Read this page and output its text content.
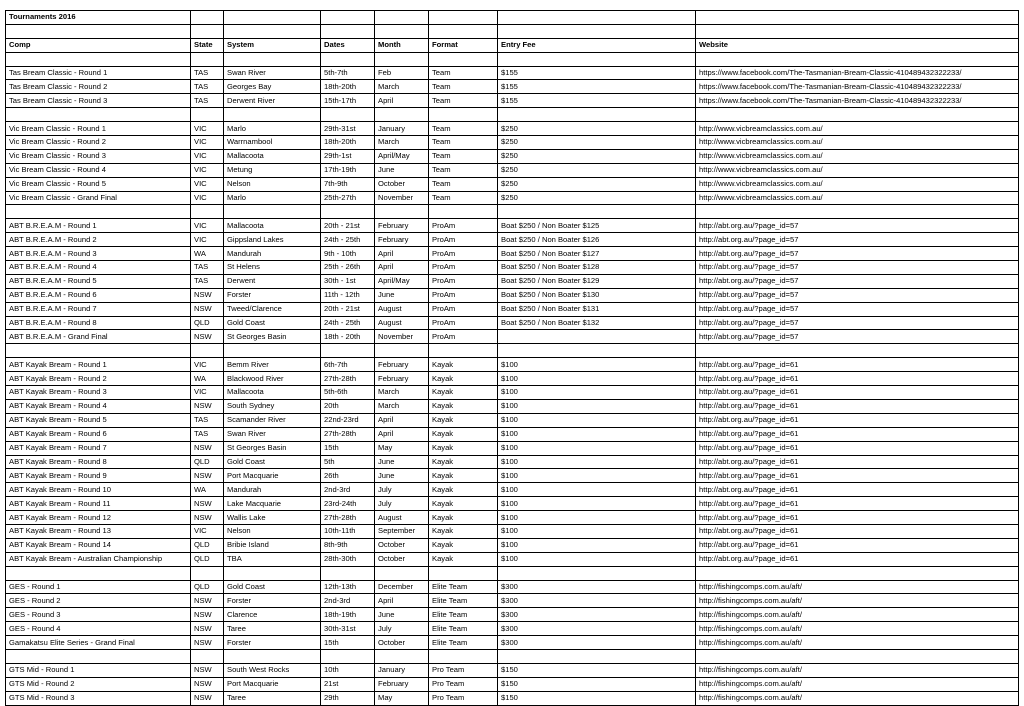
Tournaments 2016							

Comp	State	System	Dates	Month	Format	Entry Fee	Website

Tas Bream Classic - Round 1	TAS	Swan River	5th-7th	Feb	Team	$155	https://www.facebook.com/The-Tasmanian-Bream-Classic-410489432322233/
Tas Bream Classic - Round 2	TAS	Georges Bay	18th-20th	March	Team	$155	https://www.facebook.com/The-Tasmanian-Bream-Classic-410489432322233/
Tas Bream Classic - Round 3	TAS	Derwent River	15th-17th	April	Team	$155	https://www.facebook.com/The-Tasmanian-Bream-Classic-410489432322233/

Vic Bream Classic - Round 1	VIC	Marlo	29th-31st	January	Team	$250	http://www.vicbreamclassics.com.au/
Vic Bream Classic - Round 2	VIC	Warrnambool	18th-20th	March	Team	$250	http://www.vicbreamclassics.com.au/
Vic Bream Classic - Round 3	VIC	Mallacoota	29th-1st	April/May	Team	$250	http://www.vicbreamclassics.com.au/
Vic Bream Classic - Round 4	VIC	Metung	17th-19th	June	Team	$250	http://www.vicbreamclassics.com.au/
Vic Bream Classic - Round 5	VIC	Nelson	7th-9th	October	Team	$250	http://www.vicbreamclassics.com.au/
Vic Bream Classic - Grand Final	VIC	Marlo	25th-27th	November	Team	$250	http://www.vicbreamclassics.com.au/

ABT B.R.E.A.M - Round 1	VIC	Mallacoota	20th - 21st	February	ProAm	Boat $250 / Non Boater $125	http://abt.org.au/?page_id=57
ABT B.R.E.A.M - Round 2	VIC	Gippsland Lakes	24th - 25th	February	ProAm	Boat $250 / Non Boater $126	http://abt.org.au/?page_id=57
ABT B.R.E.A.M - Round 3	WA	Mandurah	9th - 10th	April	ProAm	Boat $250 / Non Boater $127	http://abt.org.au/?page_id=57
ABT B.R.E.A.M - Round 4	TAS	St Helens	25th - 26th	April	ProAm	Boat $250 / Non Boater $128	http://abt.org.au/?page_id=57
ABT B.R.E.A.M - Round 5	TAS	Derwent	30th - 1st	April/May	ProAm	Boat $250 / Non Boater $129	http://abt.org.au/?page_id=57
ABT B.R.E.A.M - Round 6	NSW	Forster	11th - 12th	June	ProAm	Boat $250 / Non Boater $130	http://abt.org.au/?page_id=57
ABT B.R.E.A.M - Round 7	NSW	Tweed/Clarence	20th - 21st	August	ProAm	Boat $250 / Non Boater $131	http://abt.org.au/?page_id=57
ABT B.R.E.A.M - Round 8	QLD	Gold Coast	24th - 25th	August	ProAm	Boat $250 / Non Boater $132	http://abt.org.au/?page_id=57
ABT B.R.E.A.M - Grand Final	NSW	St Georges Basin	18th - 20th	November	ProAm		http://abt.org.au/?page_id=57

ABT Kayak Bream - Round 1	VIC	Bemm River	6th-7th	February	Kayak	$100	http://abt.org.au/?page_id=61
ABT Kayak Bream - Round 2	WA	Blackwood River	27th-28th	February	Kayak	$100	http://abt.org.au/?page_id=61
ABT Kayak Bream - Round 3	VIC	Mallacoota	5th-6th	March	Kayak	$100	http://abt.org.au/?page_id=61
ABT Kayak Bream - Round 4	NSW	South Sydney	20th	March	Kayak	$100	http://abt.org.au/?page_id=61
ABT Kayak Bream - Round 5	TAS	Scamander River	22nd-23rd	April	Kayak	$100	http://abt.org.au/?page_id=61
ABT Kayak Bream - Round 6	TAS	Swan River	27th-28th	April	Kayak	$100	http://abt.org.au/?page_id=61
ABT Kayak Bream - Round 7	NSW	St Georges Basin	15th	May	Kayak	$100	http://abt.org.au/?page_id=61
ABT Kayak Bream - Round 8	QLD	Gold Coast	5th	June	Kayak	$100	http://abt.org.au/?page_id=61
ABT Kayak Bream - Round 9	NSW	Port Macquarie	26th	June	Kayak	$100	http://abt.org.au/?page_id=61
ABT Kayak Bream - Round 10	WA	Mandurah	2nd-3rd	July	Kayak	$100	http://abt.org.au/?page_id=61
ABT Kayak Bream - Round 11	NSW	Lake Macquarie	23rd-24th	July	Kayak	$100	http://abt.org.au/?page_id=61
ABT Kayak Bream - Round 12	NSW	Wallis Lake	27th-28th	August	Kayak	$100	http://abt.org.au/?page_id=61
ABT Kayak Bream - Round 13	VIC	Nelson	10th-11th	September	Kayak	$100	http://abt.org.au/?page_id=61
ABT Kayak Bream - Round 14	QLD	Bribie Island	8th-9th	October	Kayak	$100	http://abt.org.au/?page_id=61
ABT Kayak Bream - Australian Championship	QLD	TBA	28th-30th	October	Kayak	$100	http://abt.org.au/?page_id=61

GES - Round 1	QLD	Gold Coast	12th-13th	December	Elite Team	$300	http://fishingcomps.com.au/aft/
GES - Round 2	NSW	Forster	2nd-3rd	April	Elite Team	$300	http://fishingcomps.com.au/aft/
GES - Round 3	NSW	Clarence	18th-19th	June	Elite Team	$300	http://fishingcomps.com.au/aft/
GES - Round 4	NSW	Taree	30th-31st	July	Elite Team	$300	http://fishingcomps.com.au/aft/
Gamakatsu Elite Series - Grand Final	NSW	Forster	15th	October	Elite Team	$300	http://fishingcomps.com.au/aft/

GTS Mid - Round 1	NSW	South West Rocks	10th	January	Pro Team	$150	http://fishingcomps.com.au/aft/
GTS Mid - Round 2	NSW	Port Macquarie	21st	February	Pro Team	$150	http://fishingcomps.com.au/aft/
GTS Mid - Round 3	NSW	Taree	29th	May	Pro Team	$150	http://fishingcomps.com.au/aft/
